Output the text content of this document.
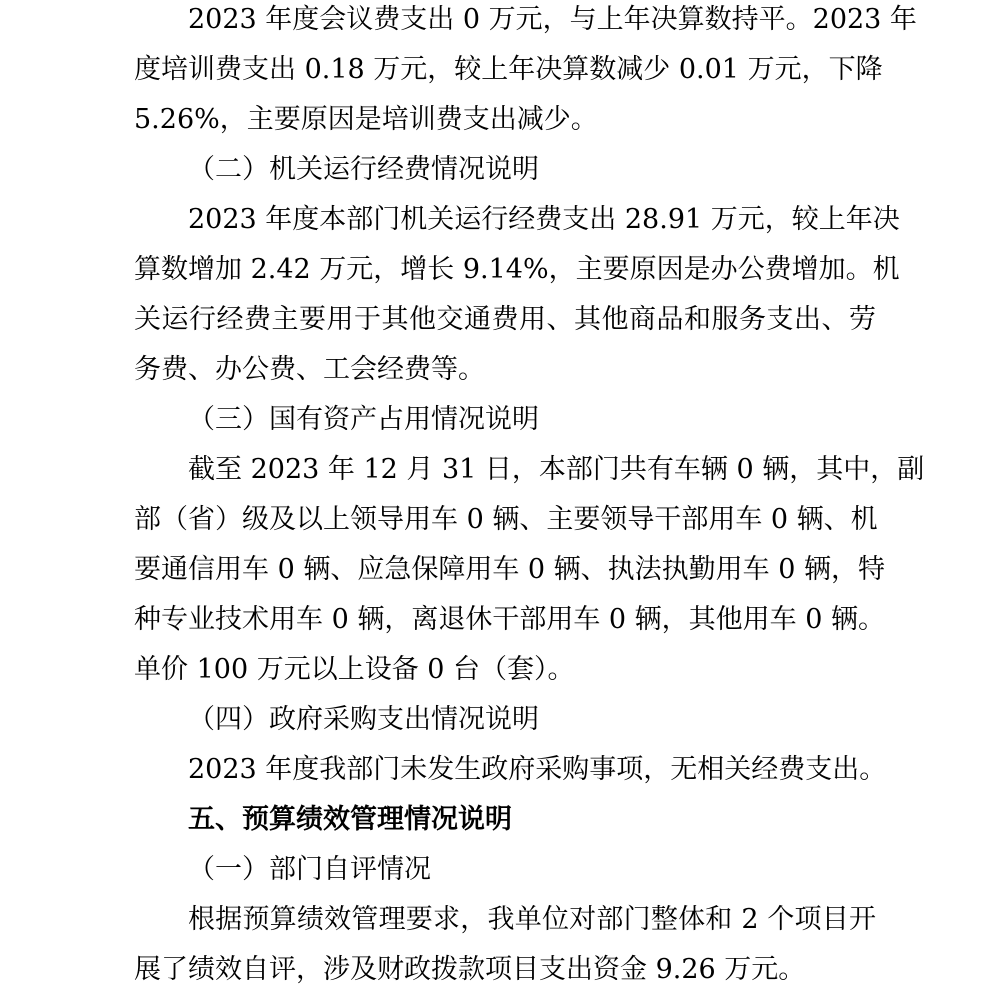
2023 年度会议费支出 0 万元，与上年决算数持平。2023 年
度培训费支出 0.18 万元，较上年决算数减少 0.01 万元，下降
5.26%，主要原因是培训费支出减少。
（二）机关运行经费情况说明
2023 年度本部门机关运行经费支出 28.91 万元，较上年决
算数增加 2.42 万元，增长 9.14%，主要原因是办公费增加。机
关运行经费主要用于其他交通费用、其他商品和服务支出、劳
务费、办公费、工会经费等。
（三）国有资产占用情况说明
截至 2023 年 12 月 31 日，本部门共有车辆 0 辆，其中，副
部（省）级及以上领导用车 0 辆、主要领导干部用车 0 辆、机
要通信用车 0 辆、应急保障用车 0 辆、执法执勤用车 0 辆，特
种专业技术用车 0 辆，离退休干部用车 0 辆，其他用车 0 辆。
单价 100 万元以上设备 0 台（套）。
（四）政府采购支出情况说明
2023 年度我部门未发生政府采购事项，无相关经费支出。
五、预算绩效管理情况说明
（一）部门自评情况
根据预算绩效管理要求，我单位对部门整体和 2 个项目开
展了绩效自评，涉及财政拨款项目支出资金 9.26 万元。
